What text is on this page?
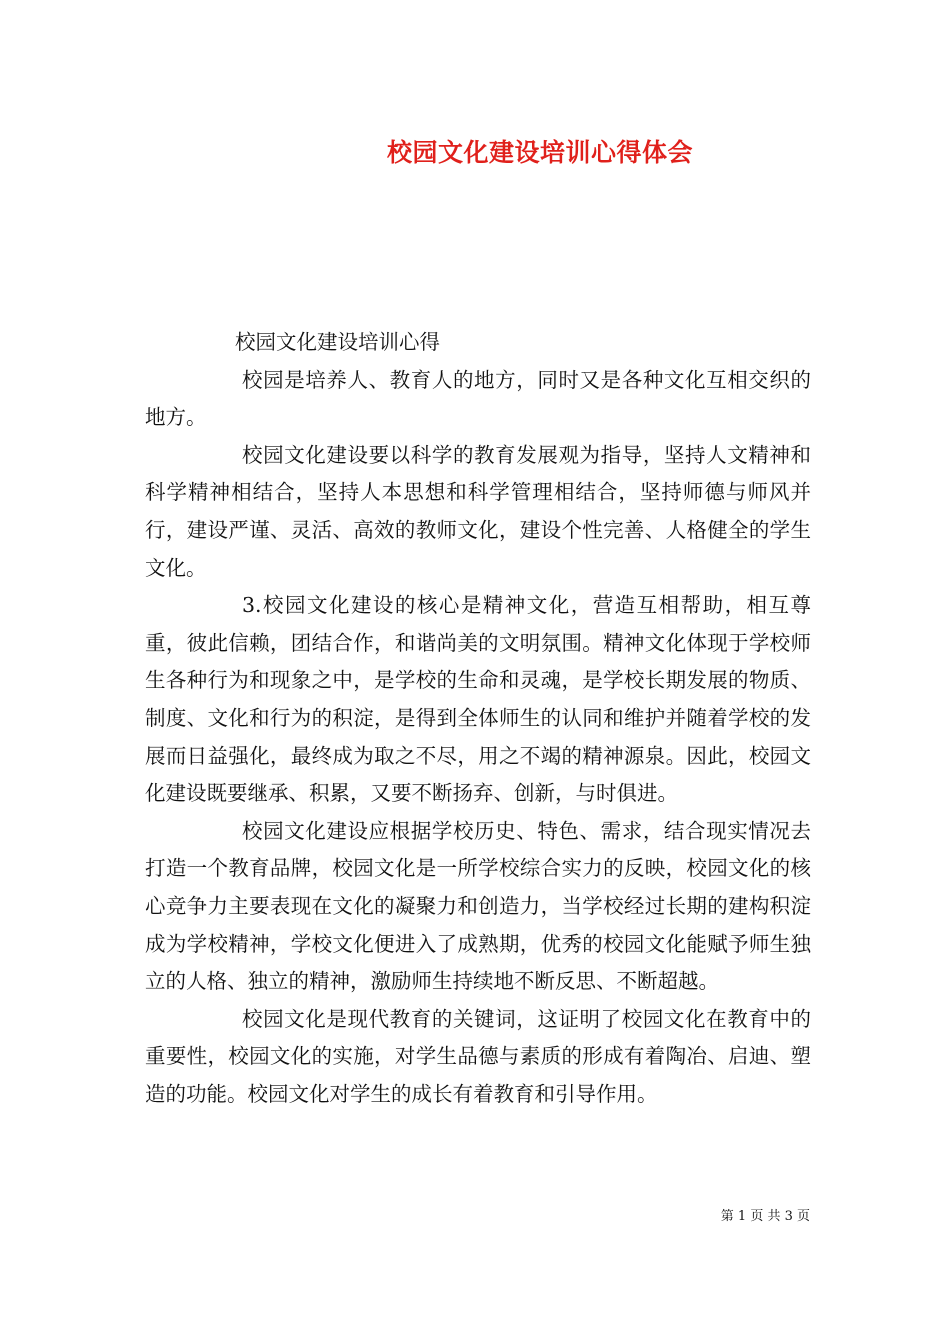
校园文化建设培训心得体会

校园文化建设培训心得

校园是培养人、教育人的地方，同时又是各种文化互相交织的地方。

校园文化建设要以科学的教育发展观为指导，坚持人文精神和科学精神相结合，坚持人本思想和科学管理相结合，坚持师德与师风并行，建设严谨、灵活、高效的教师文化，建设个性完善、人格健全的学生文化。

3.校园文化建设的核心是精神文化，营造互相帮助，相互尊重，彼此信赖，团结合作，和谐尚美的文明氛围。精神文化体现于学校师生各种行为和现象之中，是学校的生命和灵魂，是学校长期发展的物质、制度、文化和行为的积淀，是得到全体师生的认同和维护并随着学校的发展而日益强化，最终成为取之不尽，用之不竭的精神源泉。因此，校园文化建设既要继承、积累，又要不断扬弃、创新，与时俱进。

校园文化建设应根据学校历史、特色、需求，结合现实情况去打造一个教育品牌，校园文化是一所学校综合实力的反映，校园文化的核心竞争力主要表现在文化的凝聚力和创造力，当学校经过长期的建构积淀成为学校精神，学校文化便进入了成熟期，优秀的校园文化能赋予师生独立的人格、独立的精神，激励师生持续地不断反思、不断超越。

校园文化是现代教育的关键词，这证明了校园文化在教育中的重要性，校园文化的实施，对学生品德与素质的形成有着陶冶、启迪、塑造的功能。校园文化对学生的成长有着教育和引导作用。

第 1 页 共 3 页
